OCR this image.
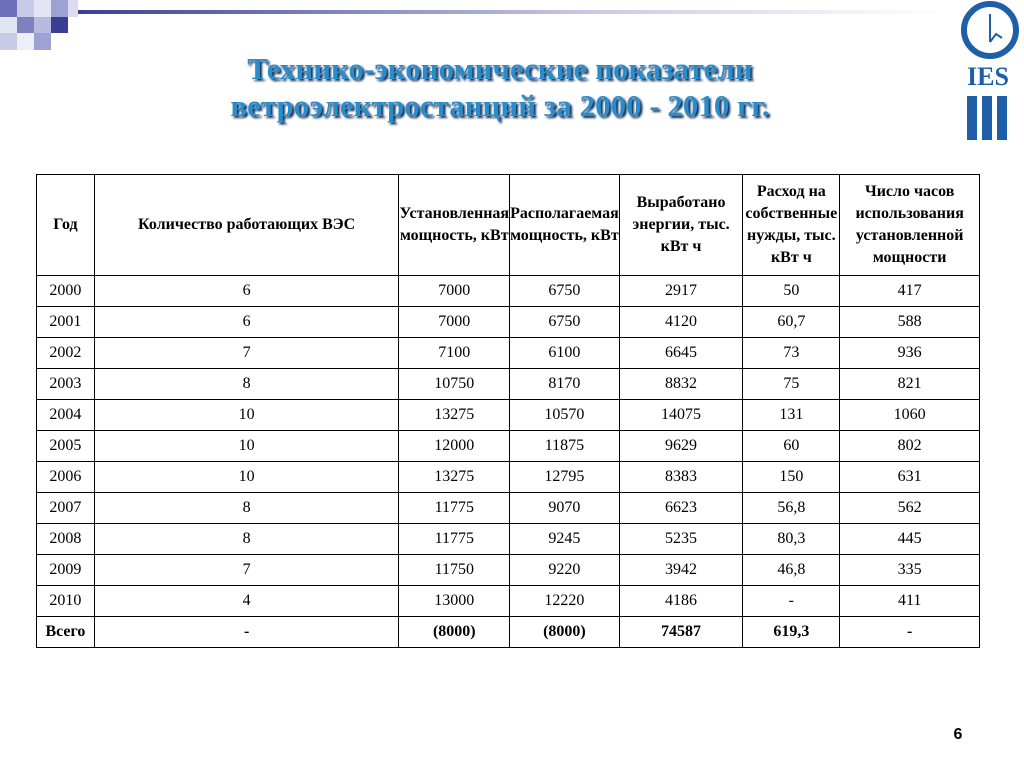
Технико-экономические показатели
ветроэлектростанций за 2000 - 2010 гг.
IES
Год	Количество работающих ВЭС	Установленная мощность, кВт	Располагаемая мощность, кВт	Выработано энергии, тыс. кВт ч	Расход на собственные нужды, тыс. кВт ч	Число часов использования установленной мощности
2000	6	7000	6750	2917	50	417
2001	6	7000	6750	4120	60,7	588
2002	7	7100	6100	6645	73	936
2003	8	10750	8170	8832	75	821
2004	10	13275	10570	14075	131	1060
2005	10	12000	11875	9629	60	802
2006	10	13275	12795	8383	150	631
2007	8	11775	9070	6623	56,8	562
2008	8	11775	9245	5235	80,3	445
2009	7	11750	9220	3942	46,8	335
2010	4	13000	12220	4186	-	411
Всего	-	(8000)	(8000)	74587	619,3	-
6
